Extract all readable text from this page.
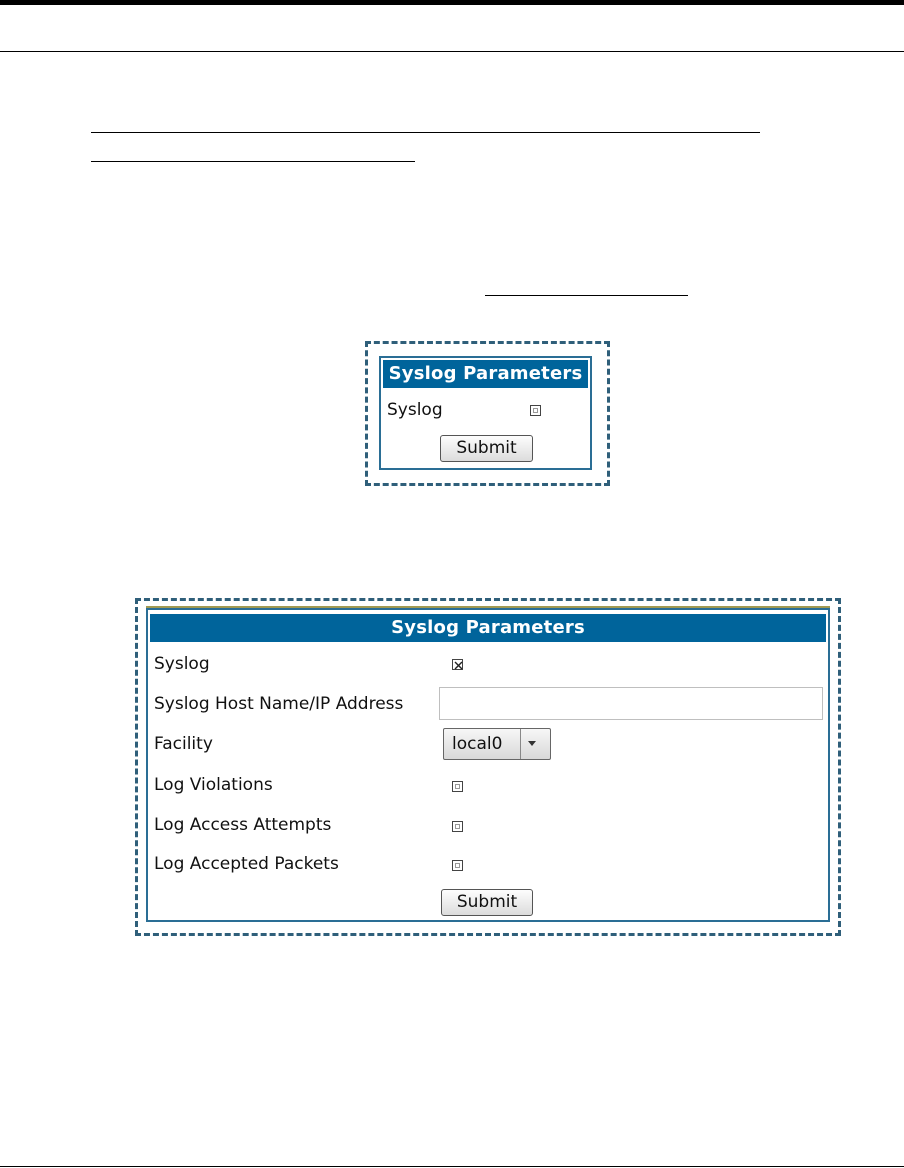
Syslog Parameters
Syslog
Submit
Syslog Parameters
Syslog
Syslog Host Name/IP Address
Facility	local0
Log Violations
Log Access Attempts
Log Accepted Packets
Submit
